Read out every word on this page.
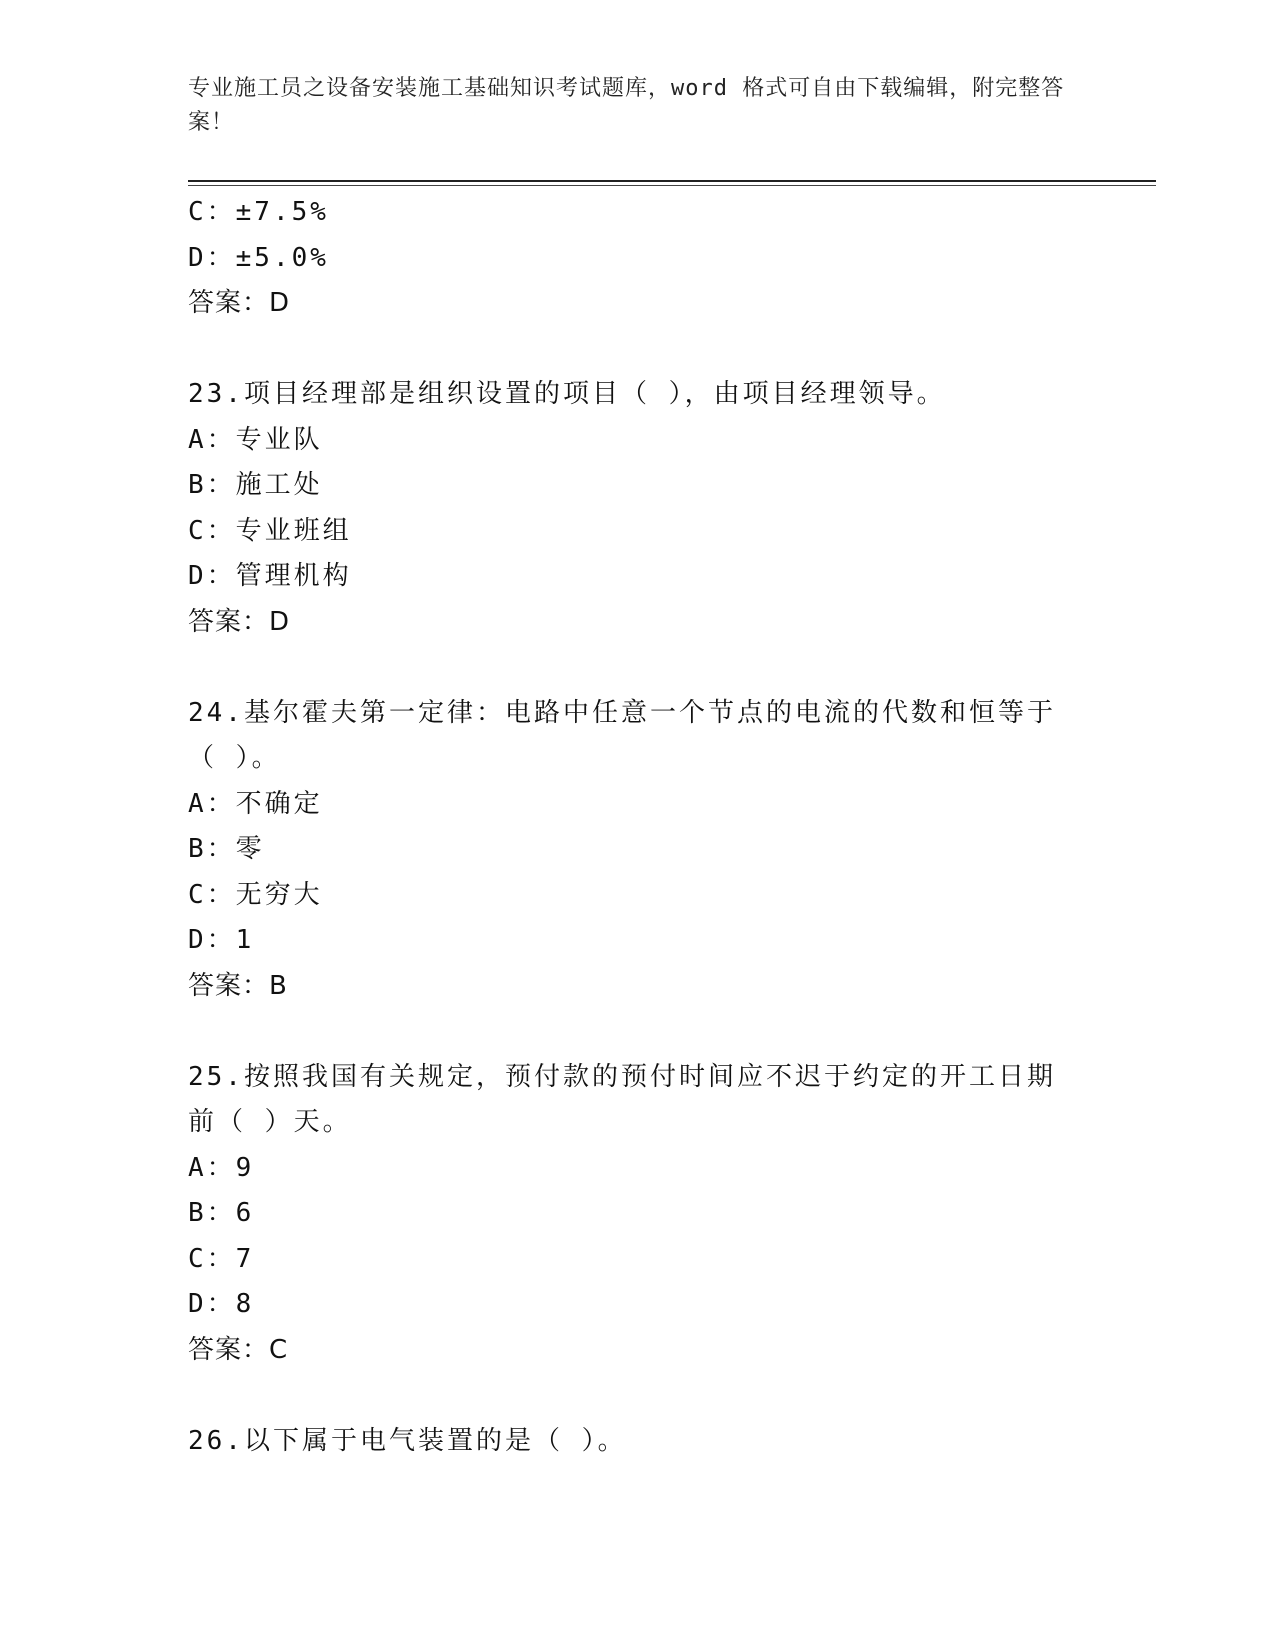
专业施工员之设备安装施工基础知识考试题库，word 格式可自由下载编辑，附完整答案！
C：±7.5%
D：±5.0%
答案：D
23.项目经理部是组织设置的项目（ ），由项目经理领导。
A：专业队
B：施工处
C：专业班组
D：管理机构
答案：D
24.基尔霍夫第一定律：电路中任意一个节点的电流的代数和恒等于（ ）。
A：不确定
B：零
C：无穷大
D：1
答案：B
25.按照我国有关规定，预付款的预付时间应不迟于约定的开工日期前（ ）天。
A：9
B：6
C：7
D：8
答案：C
26.以下属于电气装置的是（ ）。
